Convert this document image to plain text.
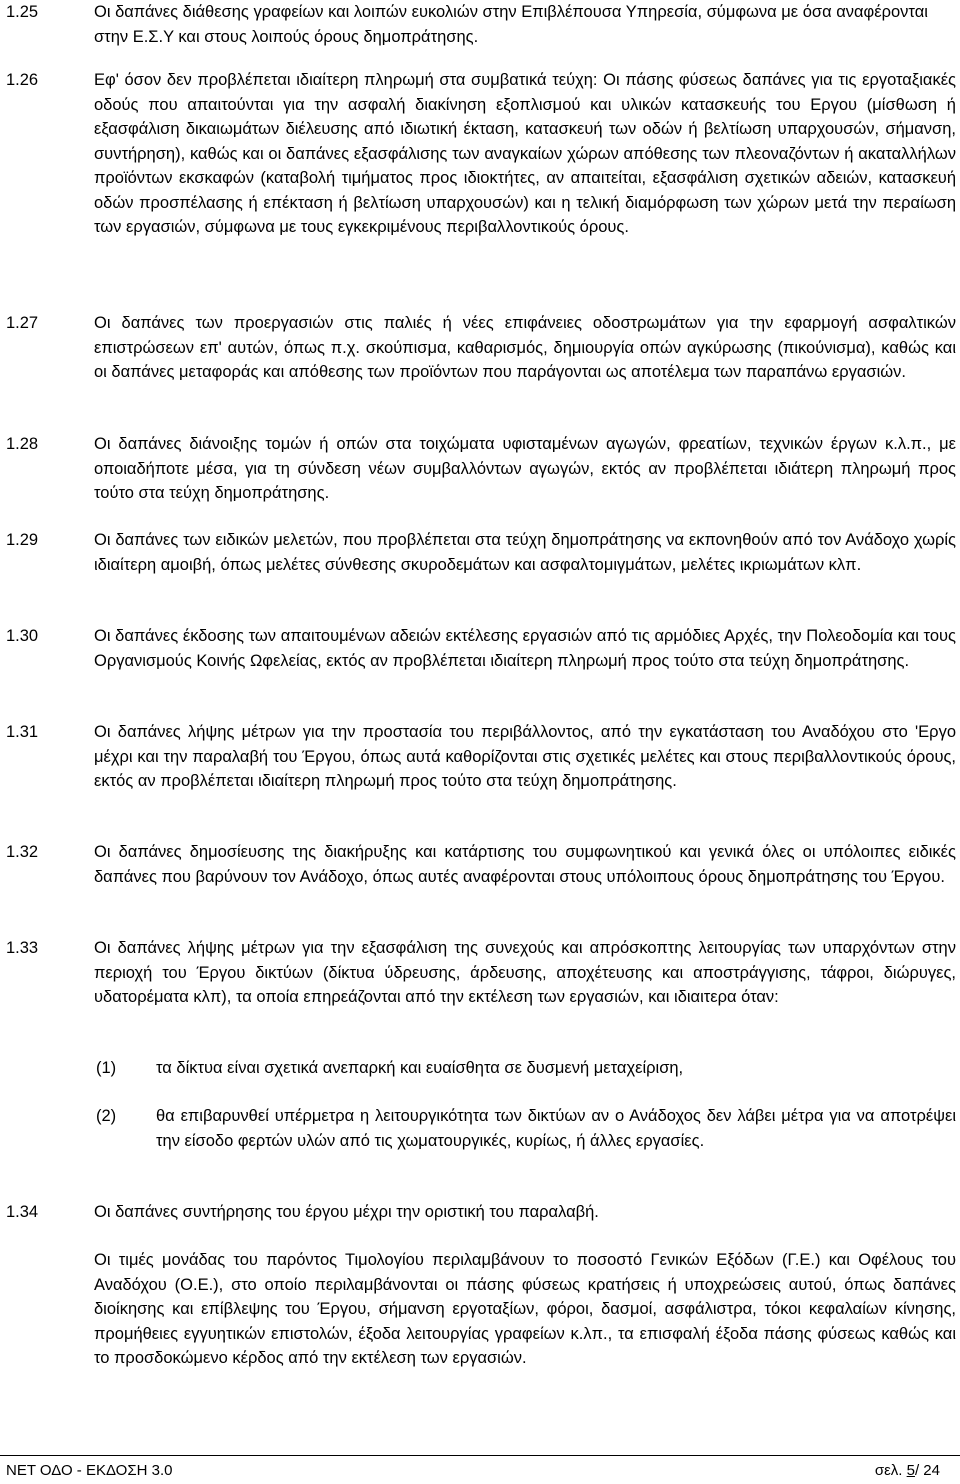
1.25	Οι δαπάνες διάθεσης γραφείων και λοιπών ευκολιών στην Επιβλέπουσα Υπηρεσία, σύμφωνα με όσα αναφέρονται στην Ε.Σ.Υ και στους λοιπούς όρους δημοπράτησης.
1.26	Εφ' όσον δεν προβλέπεται ιδιαίτερη πληρωμή στα συμβατικά τεύχη: Οι πάσης φύσεως δαπάνες για τις εργοταξιακές οδούς που απαιτούνται για την ασφαλή διακίνηση εξοπλισμού και υλικών κατασκευής του Εργου (μίσθωση ή εξασφάλιση δικαιωμάτων διέλευσης από ιδιωτική έκταση, κατασκευή των οδών ή βελτίωση υπαρχουσών, σήμανση, συντήρηση), καθώς και οι δαπάνες εξασφάλισης των αναγκαίων χώρων απόθεσης των πλεοναζόντων ή ακαταλλήλων προϊόντων εκσκαφών (καταβολή τιμήματος προς ιδιοκτήτες, αν απαιτείται, εξασφάλιση σχετικών αδειών, κατασκευή οδών προσπέλασης ή επέκταση ή βελτίωση υπαρχουσών) και η τελική διαμόρφωση των χώρων μετά την περαίωση των εργασιών, σύμφωνα με τους εγκεκριμένους περιβαλλοντικούς όρους.
1.27	Οι δαπάνες των προεργασιών στις παλιές ή νέες επιφάνειες οδοστρωμάτων για την εφαρμογή ασφαλτικών επιστρώσεων επ' αυτών, όπως π.χ. σκούπισμα, καθαρισμός, δημιουργία οπών αγκύρωσης (πικούνισμα), καθώς και οι δαπάνες μεταφοράς και απόθεσης των προϊόντων που παράγονται ως αποτέλεμα των παραπάνω εργασιών.
1.28	Οι δαπάνες διάνοιξης τομών ή οπών στα τοιχώματα υφισταμένων αγωγών, φρεατίων, τεχνικών έργων κ.λ.π., με οποιαδήποτε μέσα, για τη σύνδεση νέων συμβαλλόντων αγωγών, εκτός αν προβλέπεται ιδιάτερη πληρωμή προς τούτο στα τεύχη δημοπράτησης.
1.29	Οι δαπάνες των ειδικών μελετών, που προβλέπεται στα τεύχη δημοπράτησης να εκπονηθούν από τον Ανάδοχο χωρίς ιδιαίτερη αμοιβή, όπως μελέτες σύνθεσης σκυροδεμάτων και ασφαλτομιγμάτων, μελέτες ικριωμάτων κλπ.
1.30	Οι δαπάνες έκδοσης των απαιτουμένων αδειών εκτέλεσης εργασιών από τις αρμόδιες Αρχές, την Πολεοδομία και τους Οργανισμούς Κοινής Ωφελείας, εκτός αν προβλέπεται ιδιαίτερη πληρωμή προς τούτο στα τεύχη δημοπράτησης.
1.31	Οι δαπάνες λήψης μέτρων για την προστασία του περιβάλλοντος, από την εγκατάσταση του Αναδόχου στο 'Εργο μέχρι και την παραλαβή του Έργου, όπως αυτά καθορίζονται στις σχετικές μελέτες και στους περιβαλλοντικούς όρους, εκτός αν προβλέπεται ιδιαίτερη πληρωμή προς τούτο στα τεύχη δημοπράτησης.
1.32	Οι δαπάνες δημοσίευσης της διακήρυξης και κατάρτισης του συμφωνητικού και γενικά όλες οι υπόλοιπες ειδικές δαπάνες που βαρύνουν τον Ανάδοχο, όπως αυτές αναφέρονται στους υπόλοιπους όρους δημοπράτησης του Έργου.
1.33	Οι δαπάνες λήψης μέτρων για την εξασφάλιση της συνεχούς και απρόσκοπτης λειτουργίας των υπαρχόντων στην περιοχή του Έργου δικτύων (δίκτυα ύδρευσης, άρδευσης, αποχέτευσης και αποστράγγισης, τάφροι, διώρυγες, υδατορέματα κλπ), τα οποία επηρεάζονται από την εκτέλεση των εργασιών, και ιδιαιτερα όταν:
(1)	τα δίκτυα είναι σχετικά ανεπαρκή και ευαίσθητα σε δυσμενή μεταχείριση,
(2)	θα επιβαρυνθεί υπέρμετρα η λειτουργικότητα των δικτύων αν ο Ανάδοχος δεν λάβει μέτρα για να αποτρέψει την είσοδο φερτών υλών από τις χωματουργικές, κυρίως, ή άλλες εργασίες.
1.34	Οι δαπάνες συντήρησης του έργου μέχρι την οριστική του παραλαβή.
Οι τιμές μονάδας του παρόντος Τιμολογίου περιλαμβάνουν το ποσοστό Γενικών Εξόδων (Γ.Ε.) και Οφέλους του Αναδόχου (Ο.Ε.), στο οποίο περιλαμβάνονται οι πάσης φύσεως κρατήσεις ή υποχρεώσεις αυτού, όπως δαπάνες διοίκησης και επίβλεψης του Έργου, σήμανση εργοταξίων, φόροι, δασμοί, ασφάλιστρα, τόκοι κεφαλαίων κίνησης, προμήθειες εγγυητικών επιστολών, έξοδα λειτουργίας γραφείων κ.λπ., τα επισφαλή έξοδα πάσης φύσεως καθώς και το προσδοκώμενο κέρδος από την εκτέλεση των εργασιών.
ΝΕΤ ΟΔΟ - ΕΚΔΟΣΗ 3.0	σελ. 5/ 24
